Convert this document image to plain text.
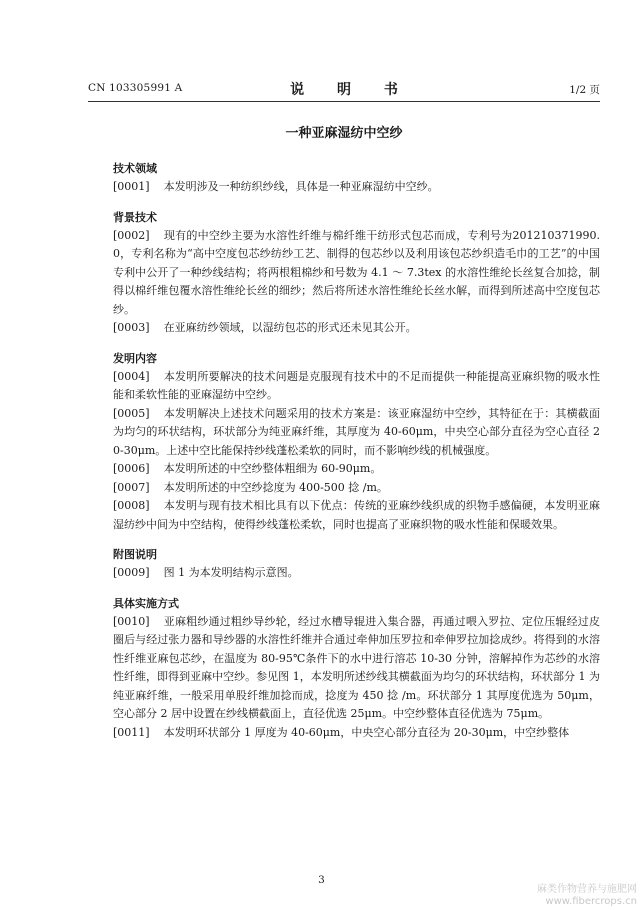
CN 103305991 A	说 明 书	1/2 页
一种亚麻湿纺中空纱
技术领域

[0001] 本发明涉及一种纺织纱线，具体是一种亚麻湿纺中空纱。

背景技术

[0002] 现有的中空纱主要为水溶性纤维与棉纤维干纺形式包芯而成，专利号为201210371990.0，专利名称为“高中空度包芯纱纺纱工艺、制得的包芯纱以及利用该包芯纱织造毛巾的工艺”的中国专利中公开了一种纱线结构；将两根粗棉纱和号数为 4.1 ～ 7.3tex 的水溶性维纶长丝复合加捻，制得以棉纤维包覆水溶性维纶长丝的细纱；然后将所述水溶性维纶长丝水解，而得到所述高中空度包芯纱。

[0003] 在亚麻纺纱领域，以湿纺包芯的形式还未见其公开。

发明内容

[0004] 本发明所要解决的技术问题是克服现有技术中的不足而提供一种能提高亚麻织物的吸水性能和柔软性能的亚麻湿纺中空纱。

[0005] 本发明解决上述技术问题采用的技术方案是：该亚麻湿纺中空纱，其特征在于：其横截面为均匀的环状结构，环状部分为纯亚麻纤维，其厚度为 40-60μm，中央空心部分直径为空心直径 20-30μm。上述中空比能保持纱线蓬松柔软的同时，而不影响纱线的机械强度。

[0006] 本发明所述的中空纱整体粗细为 60-90μm。

[0007] 本发明所述的中空纱捻度为 400-500 捻 /m。

[0008] 本发明与现有技术相比具有以下优点：传统的亚麻纱线织成的织物手感偏硬，本发明亚麻湿纺纱中间为中空结构，使得纱线蓬松柔软，同时也提高了亚麻织物的吸水性能和保暖效果。

附图说明

[0009] 图 1 为本发明结构示意图。

具体实施方式

[0010] 亚麻粗纱通过粗纱导纱轮，经过水槽导辊进入集合器，再通过喂入罗拉、定位压辊经过皮圈后与经过张力器和导纱器的水溶性纤维并合通过牵伸加压罗拉和牵伸罗拉加捻成纱。将得到的水溶性纤维亚麻包芯纱，在温度为 80-95℃条件下的水中进行溶芯 10-30 分钟，溶解掉作为芯纱的水溶性纤维，即得到亚麻中空纱。参见图 1，本发明所述纱线其横截面为均匀的环状结构，环状部分 1 为纯亚麻纤维，一般采用单股纤维加捻而成，捻度为 450 捻 /m。环状部分 1 其厚度优选为 50μm，空心部分 2 居中设置在纱线横截面上，直径优选 25μm。中空纱整体直径优选为 75μm。

[0011] 本发明环状部分 1 厚度为 40-60μm，中央空心部分直径为 20-30μm，中空纱整体

3
麻类作物营养与施肥网
www.fibercrops.cn
